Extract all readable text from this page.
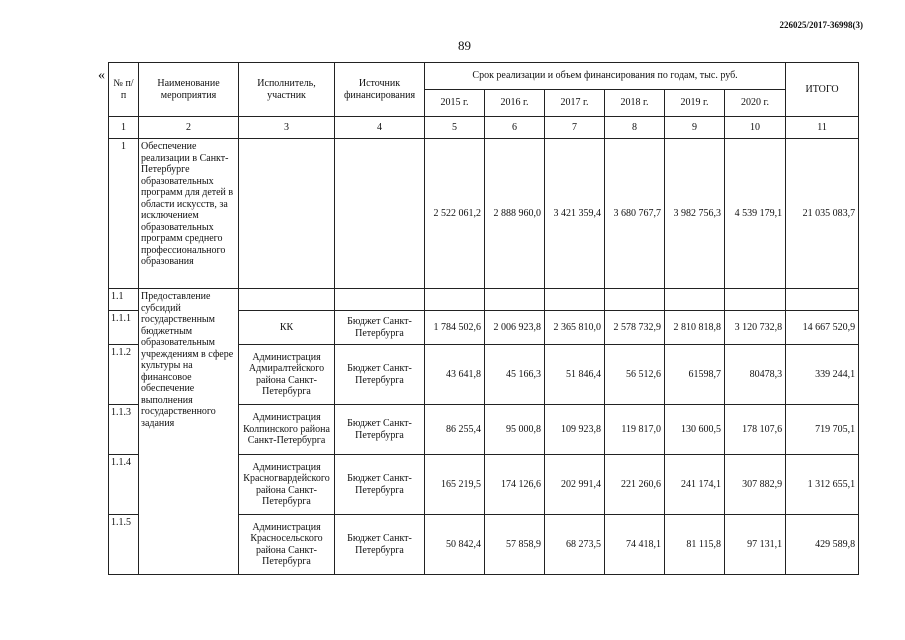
226025/2017-36998(3)
89
«
№ п/п	Наименование мероприятия	Исполнитель, участник	Источник финансирования	Срок реализации и объем финансирования по годам, тыс. руб.						ИТОГО
				2015 г.	2016 г.	2017 г.	2018 г.	2019 г.	2020 г.	
1	2	3	4	5	6	7	8	9	10	11
1	Обеспечение реализации в Санкт-Петербурге образовательных программ для детей в области искусств, за исключением образовательных программ среднего профессионального образования			2 522 061,2	2 888 960,0	3 421 359,4	3 680 767,7	3 982 756,3	4 539 179,1	21 035 083,7
1.1	Предоставление субсидий государственным бюджетным образовательным учреждениям в сфере культуры на финансовое обеспечение выполнения государственного задания									
1.1.1		КК	Бюджет Санкт-Петербурга	1 784 502,6	2 006 923,8	2 365 810,0	2 578 732,9	2 810 818,8	3 120 732,8	14 667 520,9
1.1.2		Администрация Адмиралтейского района Санкт-Петербурга	Бюджет Санкт-Петербурга	43 641,8	45 166,3	51 846,4	56 512,6	61598,7	80478,3	339 244,1
1.1.3		Администрация Колпинского района Санкт-Петербурга	Бюджет Санкт-Петербурга	86 255,4	95 000,8	109 923,8	119 817,0	130 600,5	178 107,6	719 705,1
1.1.4		Администрация Красногвардейского района Санкт-Петербурга	Бюджет Санкт-Петербурга	165 219,5	174 126,6	202 991,4	221 260,6	241 174,1	307 882,9	1 312 655,1
1.1.5		Администрация Красносельского района Санкт-Петербурга	Бюджет Санкт-Петербурга	50 842,4	57 858,9	68 273,5	74 418,1	81 115,8	97 131,1	429 589,8
